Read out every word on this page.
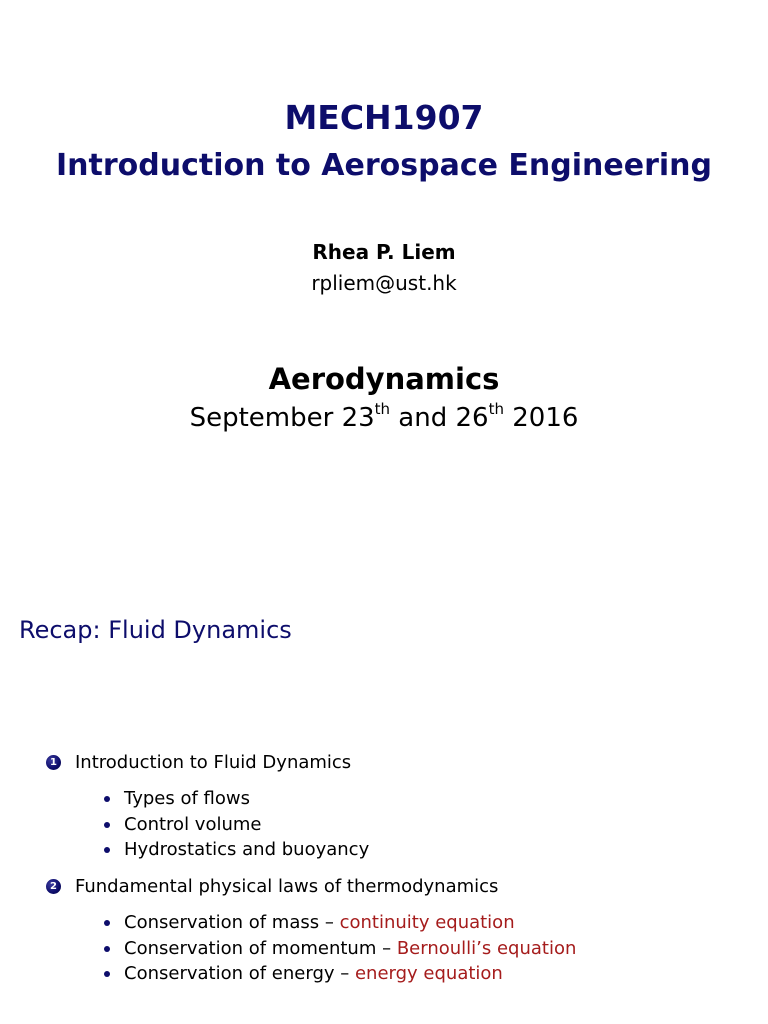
MECH1907
Introduction to Aerospace Engineering
Rhea P. Liem
rpliem@ust.hk
Aerodynamics
September 23th and 26th 2016
Recap: Fluid Dynamics
1 Introduction to Fluid Dynamics
Types of flows
Control volume
Hydrostatics and buoyancy
2 Fundamental physical laws of thermodynamics
Conservation of mass – continuity equation
Conservation of momentum – Bernoulli’s equation
Conservation of energy – energy equation
